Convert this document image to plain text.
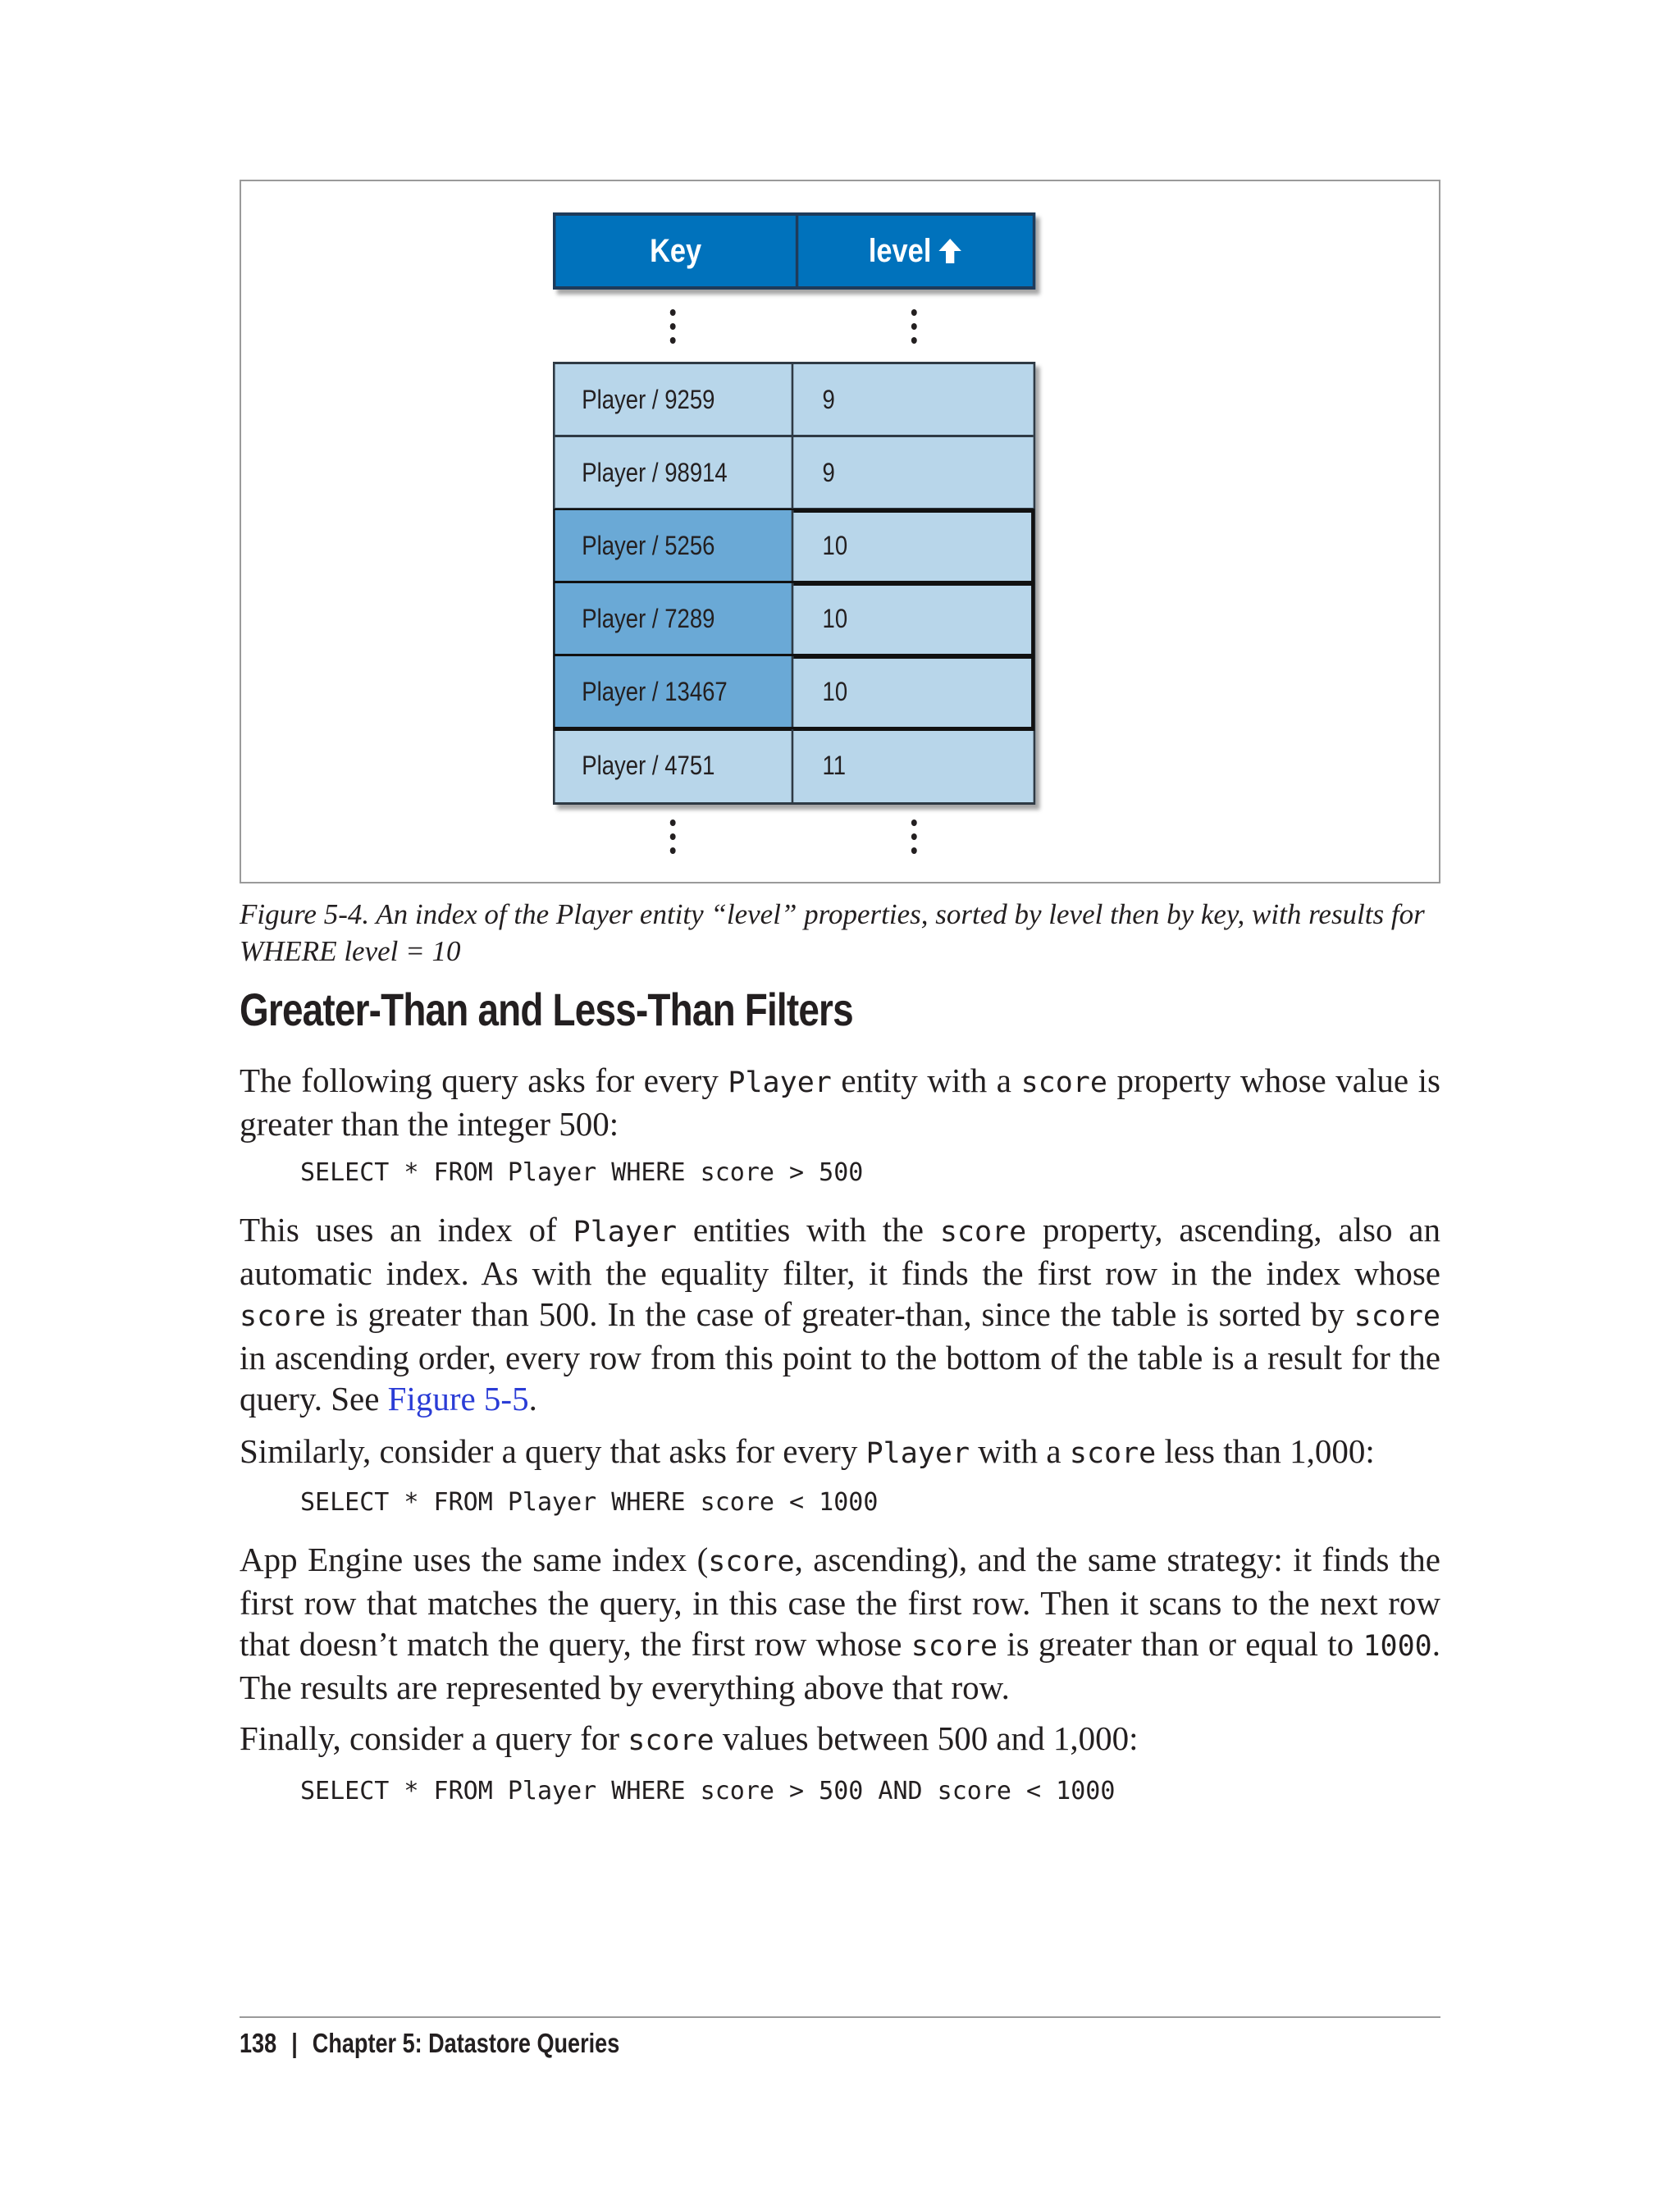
Key	level
Player / 9259	9
Player / 98914	9
Player / 5256	10
Player / 7289	10
Player / 13467	10
Player / 4751	11
Figure 5-4. An index of the Player entity “level” properties, sorted by level then by key, with results for WHERE level = 10
Greater-Than and Less-Than Filters
The following query asks for every Player entity with a score property whose value is greater than the integer 500:
SELECT * FROM Player WHERE score > 500
This uses an index of Player entities with the score property, ascending, also an automatic index. As with the equality filter, it finds the first row in the index whose score is greater than 500. In the case of greater-than, since the table is sorted by score in ascending order, every row from this point to the bottom of the table is a result for the query. See Figure 5-5.
Similarly, consider a query that asks for every Player with a score less than 1,000:
SELECT * FROM Player WHERE score < 1000
App Engine uses the same index (score, ascending), and the same strategy: it finds the first row that matches the query, in this case the first row. Then it scans to the next row that doesn’t match the query, the first row whose score is greater than or equal to 1000. The results are represented by everything above that row.
Finally, consider a query for score values between 500 and 1,000:
SELECT * FROM Player WHERE score > 500 AND score < 1000
138 | Chapter 5: Datastore Queries
